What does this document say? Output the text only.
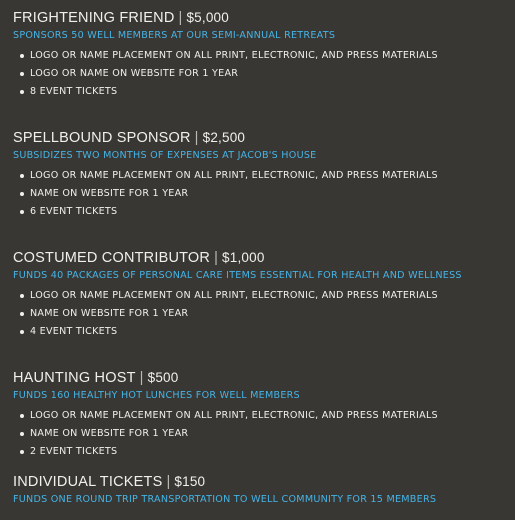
FRIGHTENING FRIEND | $5,000
SPONSORS 50 WELL MEMBERS AT OUR SEMI-ANNUAL RETREATS
LOGO OR NAME PLACEMENT ON ALL PRINT, ELECTRONIC, AND PRESS MATERIALS
LOGO OR NAME ON WEBSITE FOR 1 YEAR
8 EVENT TICKETS
SPELLBOUND SPONSOR | $2,500
SUBSIDIZES TWO MONTHS OF EXPENSES AT JACOB'S HOUSE
LOGO OR NAME PLACEMENT ON ALL PRINT, ELECTRONIC, AND PRESS MATERIALS
NAME ON WEBSITE FOR 1 YEAR
6 EVENT TICKETS
COSTUMED CONTRIBUTOR | $1,000
FUNDS 40 PACKAGES OF PERSONAL CARE ITEMS ESSENTIAL FOR HEALTH AND WELLNESS
LOGO OR NAME PLACEMENT ON ALL PRINT, ELECTRONIC, AND PRESS MATERIALS
NAME ON WEBSITE FOR 1 YEAR
4 EVENT TICKETS
HAUNTING HOST | $500
FUNDS 160 HEALTHY HOT LUNCHES FOR WELL MEMBERS
LOGO OR NAME PLACEMENT ON ALL PRINT, ELECTRONIC, AND PRESS MATERIALS
NAME ON WEBSITE FOR 1 YEAR
2 EVENT TICKETS
INDIVIDUAL TICKETS | $150
FUNDS ONE ROUND TRIP TRANSPORTATION TO WELL COMMUNITY FOR 15 MEMBERS
